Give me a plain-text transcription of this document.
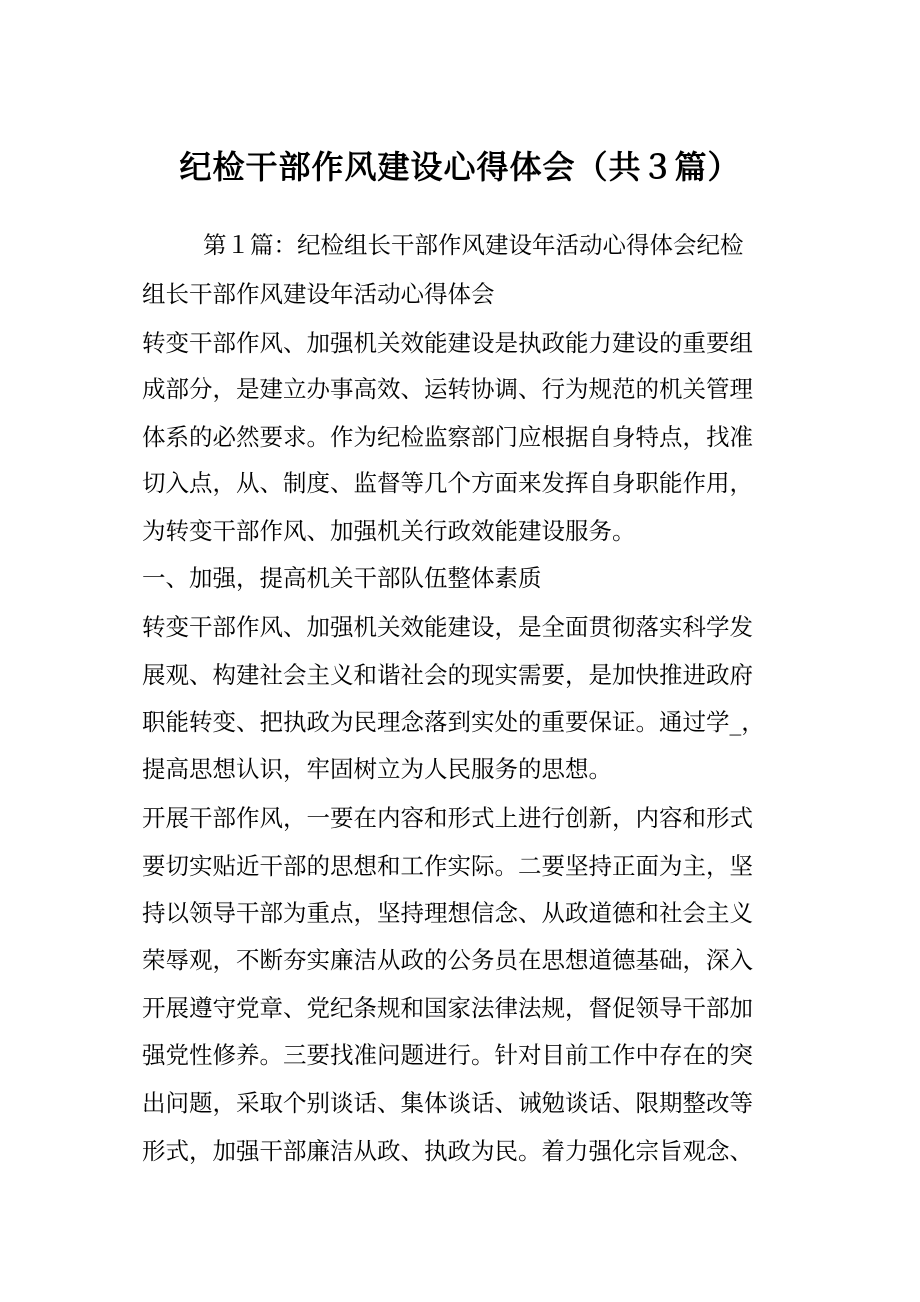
纪检干部作风建设心得体会（共３篇）

第１篇：纪检组长干部作风建设年活动心得体会纪检

组长干部作风建设年活动心得体会

转变干部作风、加强机关效能建设是执政能力建设的重要组

成部分，是建立办事高效、运转协调、行为规范的机关管理

体系的必然要求。作为纪检监察部门应根据自身特点，找准

切入点，从、制度、监督等几个方面来发挥自身职能作用，

为转变干部作风、加强机关行政效能建设服务。

一、加强，提高机关干部队伍整体素质

转变干部作风、加强机关效能建设，是全面贯彻落实科学发

展观、构建社会主义和谐社会的现实需要，是加快推进政府

职能转变、把执政为民理念落到实处的重要保证。通过学_，

提高思想认识，牢固树立为人民服务的思想。

开展干部作风，一要在内容和形式上进行创新，内容和形式

要切实贴近干部的思想和工作实际。二要坚持正面为主，坚

持以领导干部为重点，坚持理想信念、从政道德和社会主义

荣辱观，不断夯实廉洁从政的公务员在思想道德基础，深入

开展遵守党章、党纪条规和国家法律法规，督促领导干部加

强党性修养。三要找准问题进行。针对目前工作中存在的突

出问题，采取个别谈话、集体谈话、诫勉谈话、限期整改等

形式，加强干部廉洁从政、执政为民。着力强化宗旨观念、
